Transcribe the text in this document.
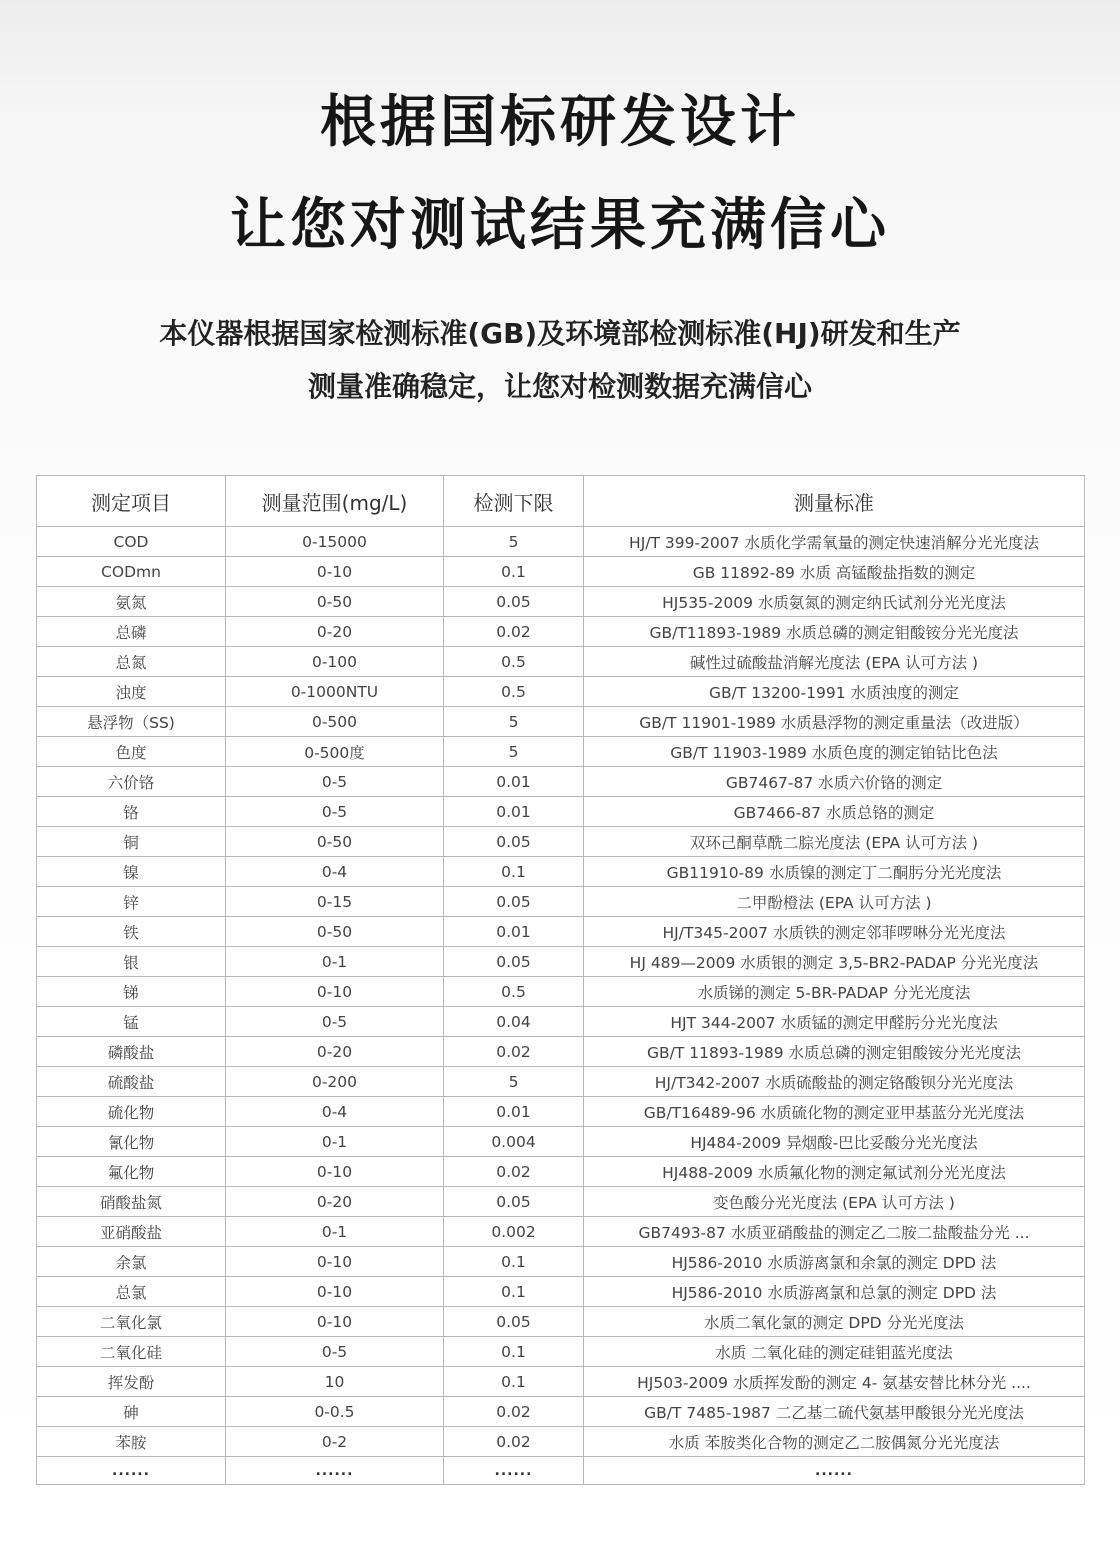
根据国标研发设计
让您对测试结果充满信心

本仪器根据国家检测标准(GB)及环境部检测标准(HJ)研发和生产

测量准确稳定，让您对检测数据充满信心

测定项目	测量范围(mg/L)	检测下限	测量标准
COD	0-15000	5	HJ/T 399-2007 水质化学需氧量的测定快速消解分光光度法
CODmn	0-10	0.1	GB 11892-89 水质 高锰酸盐指数的测定
氨氮	0-50	0.05	HJ535-2009 水质氨氮的测定纳氏试剂分光光度法
总磷	0-20	0.02	GB/T11893-1989 水质总磷的测定钼酸铵分光光度法
总氮	0-100	0.5	碱性过硫酸盐消解光度法 (EPA 认可方法 )
浊度	0-1000NTU	0.5	GB/T 13200-1991 水质浊度的测定
悬浮物（SS)	0-500	5	GB/T 11901-1989 水质悬浮物的测定重量法（改进版）
色度	0-500度	5	GB/T 11903-1989 水质色度的测定铂钴比色法
六价铬	0-5	0.01	GB7467-87 水质六价铬的测定
铬	0-5	0.01	GB7466-87 水质总铬的测定
铜	0-50	0.05	双环己酮草酰二腙光度法 (EPA 认可方法 )
镍	0-4	0.1	GB11910-89 水质镍的测定丁二酮肟分光光度法
锌	0-15	0.05	二甲酚橙法 (EPA 认可方法 )
铁	0-50	0.01	HJ/T345-2007 水质铁的测定邻菲啰啉分光光度法
银	0-1	0.05	HJ 489—2009 水质银的测定 3,5-BR2-PADAP 分光光度法
锑	0-10	0.5	水质锑的测定 5-BR-PADAP 分光光度法
锰	0-5	0.04	HJT 344-2007 水质锰的测定甲醛肟分光光度法
磷酸盐	0-20	0.02	GB/T 11893-1989 水质总磷的测定钼酸铵分光光度法
硫酸盐	0-200	5	HJ/T342-2007 水质硫酸盐的测定铬酸钡分光光度法
硫化物	0-4	0.01	GB/T16489-96 水质硫化物的测定亚甲基蓝分光光度法
氰化物	0-1	0.004	HJ484-2009 异烟酸-巴比妥酸分光光度法
氟化物	0-10	0.02	HJ488-2009 水质氟化物的测定氟试剂分光光度法
硝酸盐氮	0-20	0.05	变色酸分光光度法 (EPA 认可方法 )
亚硝酸盐	0-1	0.002	GB7493-87 水质亚硝酸盐的测定乙二胺二盐酸盐分光 ...
余氯	0-10	0.1	HJ586-2010 水质游离氯和余氯的测定 DPD 法
总氯	0-10	0.1	HJ586-2010 水质游离氯和总氯的测定 DPD 法
二氧化氯	0-10	0.05	水质二氧化氯的测定 DPD 分光光度法
二氧化硅	0-5	0.1	水质 二氧化硅的测定硅钼蓝光度法
挥发酚	10	0.1	HJ503-2009 水质挥发酚的测定 4- 氨基安替比林分光 ....
砷	0-0.5	0.02	GB/T 7485-1987 二乙基二硫代氨基甲酸银分光光度法
苯胺	0-2	0.02	水质 苯胺类化合物的测定乙二胺偶氮分光光度法
......	......	......	......
